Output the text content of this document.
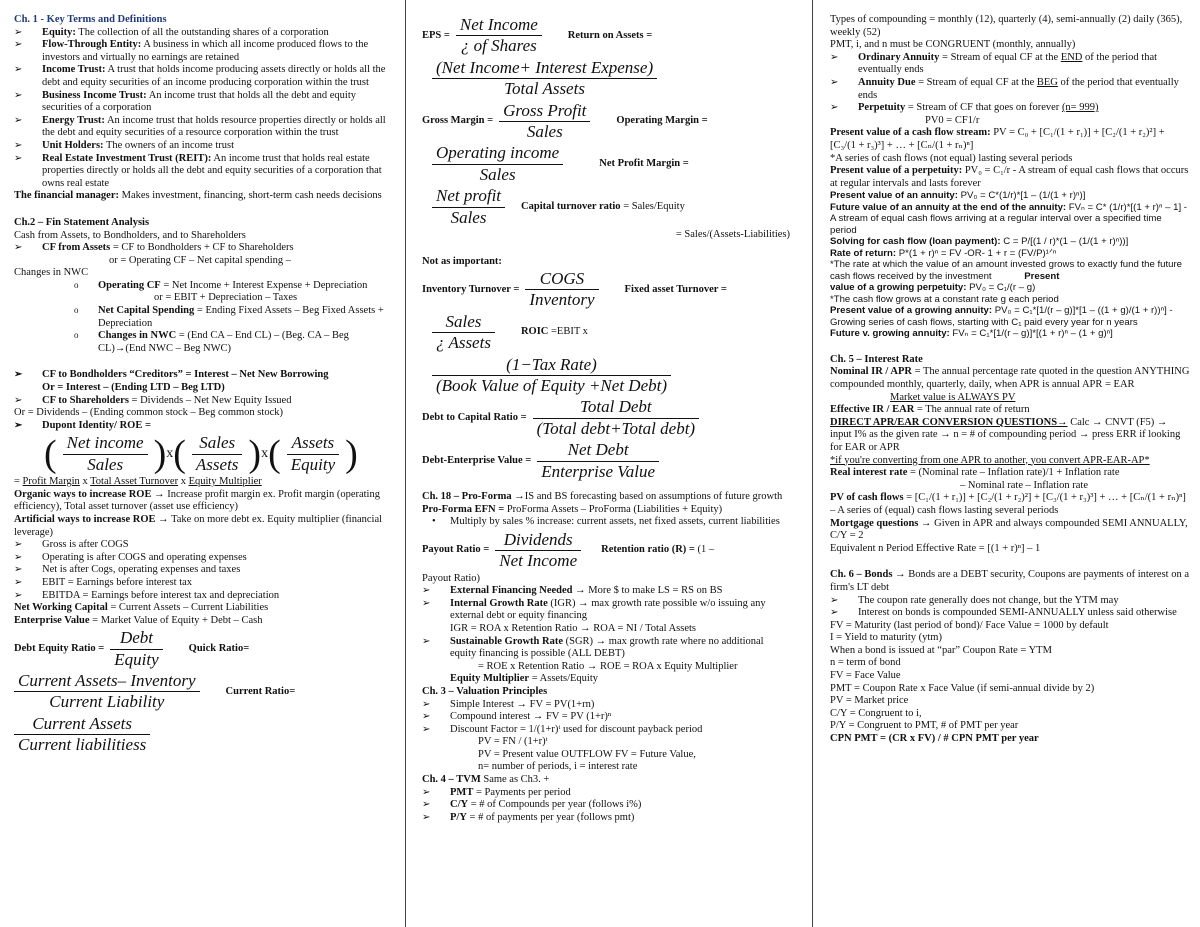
Ch. 1 - Key Terms and Definitions

➢ Equity: The collection of all the outstanding shares of a corporation

➢ Flow-Through Entity: A business in which all income produced flows to the investors and virtually no earnings are retained

➢ Income Trust: A trust that holds income producing assets directly or holds all the debt and equity securities of an income producing corporation within the trust

➢ Business Income Trust: An income trust that holds all the debt and equity securities of a corporation

➢ Energy Trust: An income trust that holds resource properties directly or holds all the debt and equity securities of a resource corporation within the trust

➢ Unit Holders: The owners of an income trust

➢ Real Estate Investment Trust (REIT): An income trust that holds real estate properties directly or holds all the debt and equity securities of a corporation that owns real estate

The financial manager: Makes investment, financing, short-term cash needs decisions

Ch.2 – Fin Statement Analysis

Cash from Assets, to Bondholders, and to Shareholders

➢ CF from Assets = CF to Bondholders + CF to Shareholders

or = Operating CF – Net capital spending –

Changes in NWC

o Operating CF = Net Income + Interest Expense + Depreciation

or = EBIT + Depreciation – Taxes

o Net Capital Spending = Ending Fixed Assets – Beg Fixed Assets + Depreciation

o Changes in NWC = (End CA – End CL) – (Beg. CA – Beg CL)→(End NWC – Beg NWC)

➢ CF to Bondholders “Creditors” = Interest – Net New Borrowing

Or = Interest – (Ending LTD – Beg LTD)

➢ CF to Shareholders = Dividends – Net New Equity Issued

Or = Dividends – (Ending common stock – Beg common stock)

➢ Dupont Identity/ ROE =

( $\frac{\text{Net income}}{\text{Sales}}$ ) x ( $\frac{\text{Sales}}{\text{Assets}}$ ) x ( $\frac{\text{Assets}}{\text{Equity}}$ )

= Profit Margin x Total Asset Turnover x Equity Multiplier

Organic ways to increase ROE → Increase profit margin ex. Profit margin (operating efficiency), Total asset turnover (asset use efficiency)

Artificial ways to increase ROE → Take on more debt ex. Equity multiplier (financial leverage)

➢ Gross is after COGS

➢ Operating is after COGS and operating expenses

➢ Net is after Cogs, operating expenses and taxes

➢ EBIT = Earnings before interest tax

➢ EBITDA = Earnings before interest tax and depreciation

Net Working Capital = Current Assets – Current Liabilities

Enterprise Value = Market Value of Equity + Debt – Cash

Debt Equity Ratio = $\frac{\text{Debt}}{\text{Equity}}$ Quick Ratio=
$\frac{\text{Current Assets– Inventory}}{\text{Current Liability}}$ Current Ratio=
$\frac{\text{Current Assets}}{\text{Current liabilitiess}}$
EPS = $\frac{\text{Net Income}}{\text{¿ of Shares}}$ Return on Assets =
$\frac{\text{(Net Income+ Interest Expense)}}{\text{Total Assets}}$
Gross Margin = $\frac{\text{Gross Profit}}{\text{Sales}}$ Operating Margin =
$\frac{\text{Operating income}}{\text{Sales}}$	Net Profit Margin =
$\frac{\text{Net profit}}{\text{Sales}}$ Capital turnover ratio = Sales/Equity

= Sales/(Assets-Liabilities)

Not as important:

Inventory Turnover = $\frac{\text{COGS}}{\text{Inventory}}$ Fixed asset Turnover =
$\frac{\text{Sales}}{\text{¿ Assets}}$ ROIC =EBIT x
$\frac{\text{(1−Tax Rate)}}{\text{(Book Value of Equity +Net Debt)}}$
Debt to Capital Ratio = $\frac{\text{Total Debt}}{\text{(Total debt+Total debt)}}$
Debt-Enterprise Value = $\frac{\text{Net Debt}}{\text{Enterprise Value}}$

Ch. 18 – Pro-Forma →IS and BS forecasting based on assumptions of future growth

Pro-Forma EFN = ProForma Assets – ProForma (Liabilities + Equity)

• Multiply by sales % increase: current assets, net fixed assets, current liabilities

Payout Ratio = $\frac{\text{Dividends}}{\text{Net Income}}$ Retention ratio (R) = (1 –

Payout Ratio)

➢ External Financing Needed → More $ to make LS = RS on BS

➢ Internal Growth Rate (IGR) → max growth rate possible w/o issuing any external debt or equity financing

IGR = ROA x Retention Ratio → ROA = NI / Total Assets

➢ Sustainable Growth Rate (SGR) → max growth rate where no additional equity financing is possible (ALL DEBT)

= ROE x Retention Ratio → ROE = ROA x Equity Multiplier

Equity Multiplier = Assets/Equity

Ch. 3 – Valuation Principles

➢ Simple Interest → FV = PV(1+rn)

➢ Compound interest → FV = PV (1+r)ⁿ

➢ Discount Factor = 1/(1+r)ᵗ used for discount payback period

PV = FN / (1+r)ᵗ

PV = Present value OUTFLOW FV = Future Value,

n= number of periods, i = interest rate

Ch. 4 – TVM Same as Ch3. +

➢ PMT = Payments per period

➢ C/Y = # of Compounds per year (follows i%)

➢ P/Y = # of payments per year (follows pmt)

Types of compounding = monthly (12), quarterly (4), semi-annually (2) daily (365), weekly (52)

PMT, i, and n must be CONGRUENT (monthly, annually)

➢ Ordinary Annuity = Stream of equal CF at the END of the period that eventually ends

➢ Annuity Due = Stream of equal CF at the BEG of the period that eventually ends

➢ Perpetuity = Stream of CF that goes on forever (n= 999)

PV0 = CF1/r

Present value of a cash flow stream: PV = C₀ + [C₁/(1 + r₁)] + [C₂/(1 + r₂)²] + [C₃/(1 + r₃)³] + … + [Cₙ/(1 + rₙ)ⁿ]

*A series of cash flows (not equal) lasting several periods

Present value of a perpetuity: PV₀ = C₁/r - A stream of equal cash flows that occurs at regular intervals and lasts forever

Present value of an annuity: PV₀ = C*(1/r)*[1 – (1/(1 + r)ⁿ)]

Future value of an annuity at the end of the annuity: FVₙ = C* (1/r)*[(1 + r)ⁿ – 1] - A stream of equal cash flows arriving at a regular interval over a specified time period

Solving for cash flow (loan payment): C = P/[(1 / r)*(1 – (1/(1 + r)ⁿ))]

Rate of return: P*(1 + r)ⁿ = FV -OR- 1 + r = (FV/P)¹ᐟⁿ

*The rate at which the value of an amount invested grows to exactly fund the future cash flows received by the investment	Present

value of a growing perpetuity: PV₀ = C₁/(r – g)

*The cash flow grows at a constant rate g each period

Present value of a growing annuity: PV₀ = C₁*[1/(r – g)]*[1 – ((1 + g)/(1 + r))ⁿ] - Growing series of cash flows, starting with C₁ paid every year for n years

Future v. growing annuity: FVₙ = C₁*[1/(r – g)]*[(1 + r)ⁿ – (1 + g)ⁿ]

Ch. 5 – Interest Rate

Nominal IR / APR = The annual percentage rate quoted in the question ANYTHING compounded monthly, quarterly, daily, when APR is annual APR = EAR

Market value is ALWAYS PV

Effective IR / EAR = The annual rate of return

DIRECT APR/EAR CONVERSION QUESTIONS→ Calc → CNVT (F5) → input I% as the given rate → n = # of compounding period → press ERR if looking for EAR or APR

*if you're converting from one APR to another, you convert APR-EAR-AP*

Real interest rate = (Nominal rate – Inflation rate)/1 + Inflation rate

– Nominal rate – Inflation rate

PV of cash flows = [C₁/(1 + r₁)] + [C₂/(1 + r₂)²] + [C₃/(1 + r₃)³] + … + [Cₙ/(1 + rₙ)ⁿ] – A series of (equal) cash flows lasting several periods

Mortgage questions → Given in APR and always compounded SEMI ANNUALLY, C/Y = 2

Equivalent n Period Effective Rate = [(1 + r)ⁿ] – 1

Ch. 6 – Bonds → Bonds are a DEBT security, Coupons are payments of interest on a firm's LT debt

➢ The coupon rate generally does not change, but the YTM may

➢ Interest on bonds is compounded SEMI-ANNUALLY unless said otherwise

FV = Maturity (last period of bond)/ Face Value = 1000 by default

I = Yield to maturity (ytm)

When a bond is issued at “par” Coupon Rate = YTM

n = term of bond

FV = Face Value

PMT = Coupon Rate x Face Value (if semi-annual divide by 2)

PV = Market price

C/Y = Congruent to i,

P/Y = Congruent to PMT, # of PMT per year

CPN PMT = (CR x FV) / # CPN PMT per year
